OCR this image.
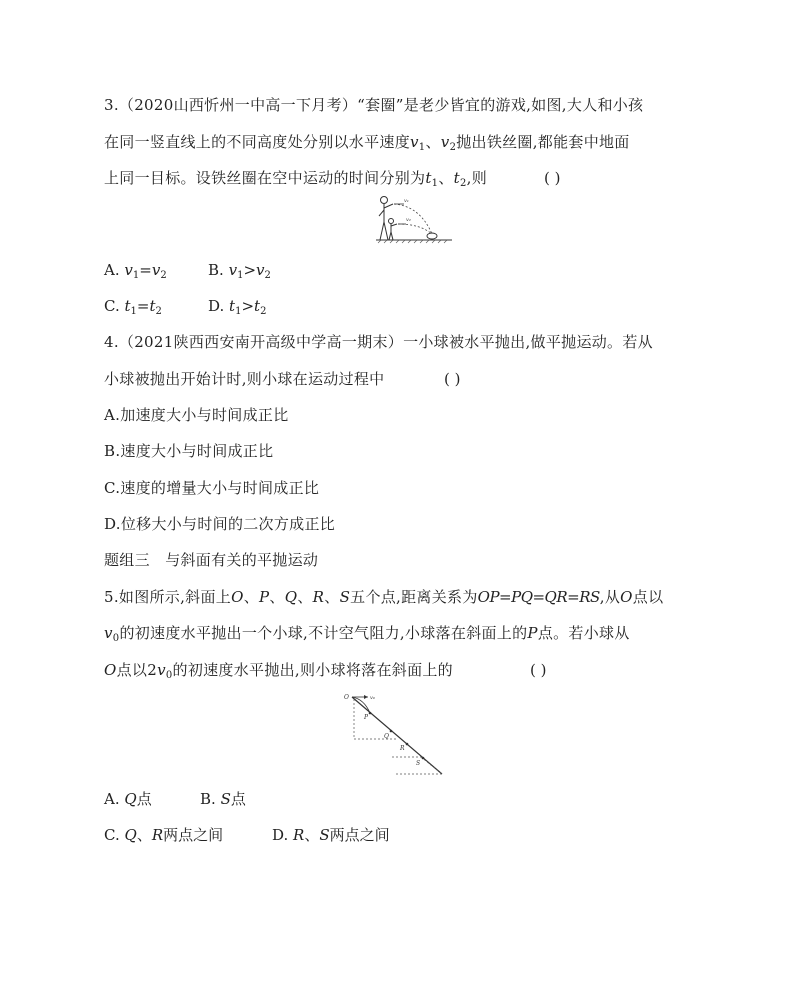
3.（2020山西忻州一中高一下月考）“套圈”是老少皆宜的游戏,如图,大人和小孩
在同一竖直线上的不同高度处分别以水平速度$v_1$、$v_2$抛出铁丝圈,都能套中地面
上同一目标。设铁丝圈在空中运动的时间分别为$t_1$、$t_2$,则	( )
v₁
v₂
A. $v_1=v_2$	B. $v_1>v_2$
C. $t_1=t_2$	D. $t_1>t_2$
4.（2021陕西西安南开高级中学高一期末）一小球被水平抛出,做平抛运动。若从
小球被抛出开始计时,则小球在运动过程中	( )
A.加速度大小与时间成正比
B.速度大小与时间成正比
C.速度的增量大小与时间成正比
D.位移大小与时间的二次方成正比
题组三　与斜面有关的平抛运动
5.如图所示,斜面上O、P、Q、R、S五个点,距离关系为OP=PQ=QR=RS,从O点以
$v_0$的初速度水平抛出一个小球,不计空气阻力,小球落在斜面上的P点。若小球从
O点以$2v_0$的初速度水平抛出,则小球将落在斜面上的	( )
O	v₀
P
Q
R
S
A. Q点	B. S点
C. Q、R两点之间	D. R、S两点之间
